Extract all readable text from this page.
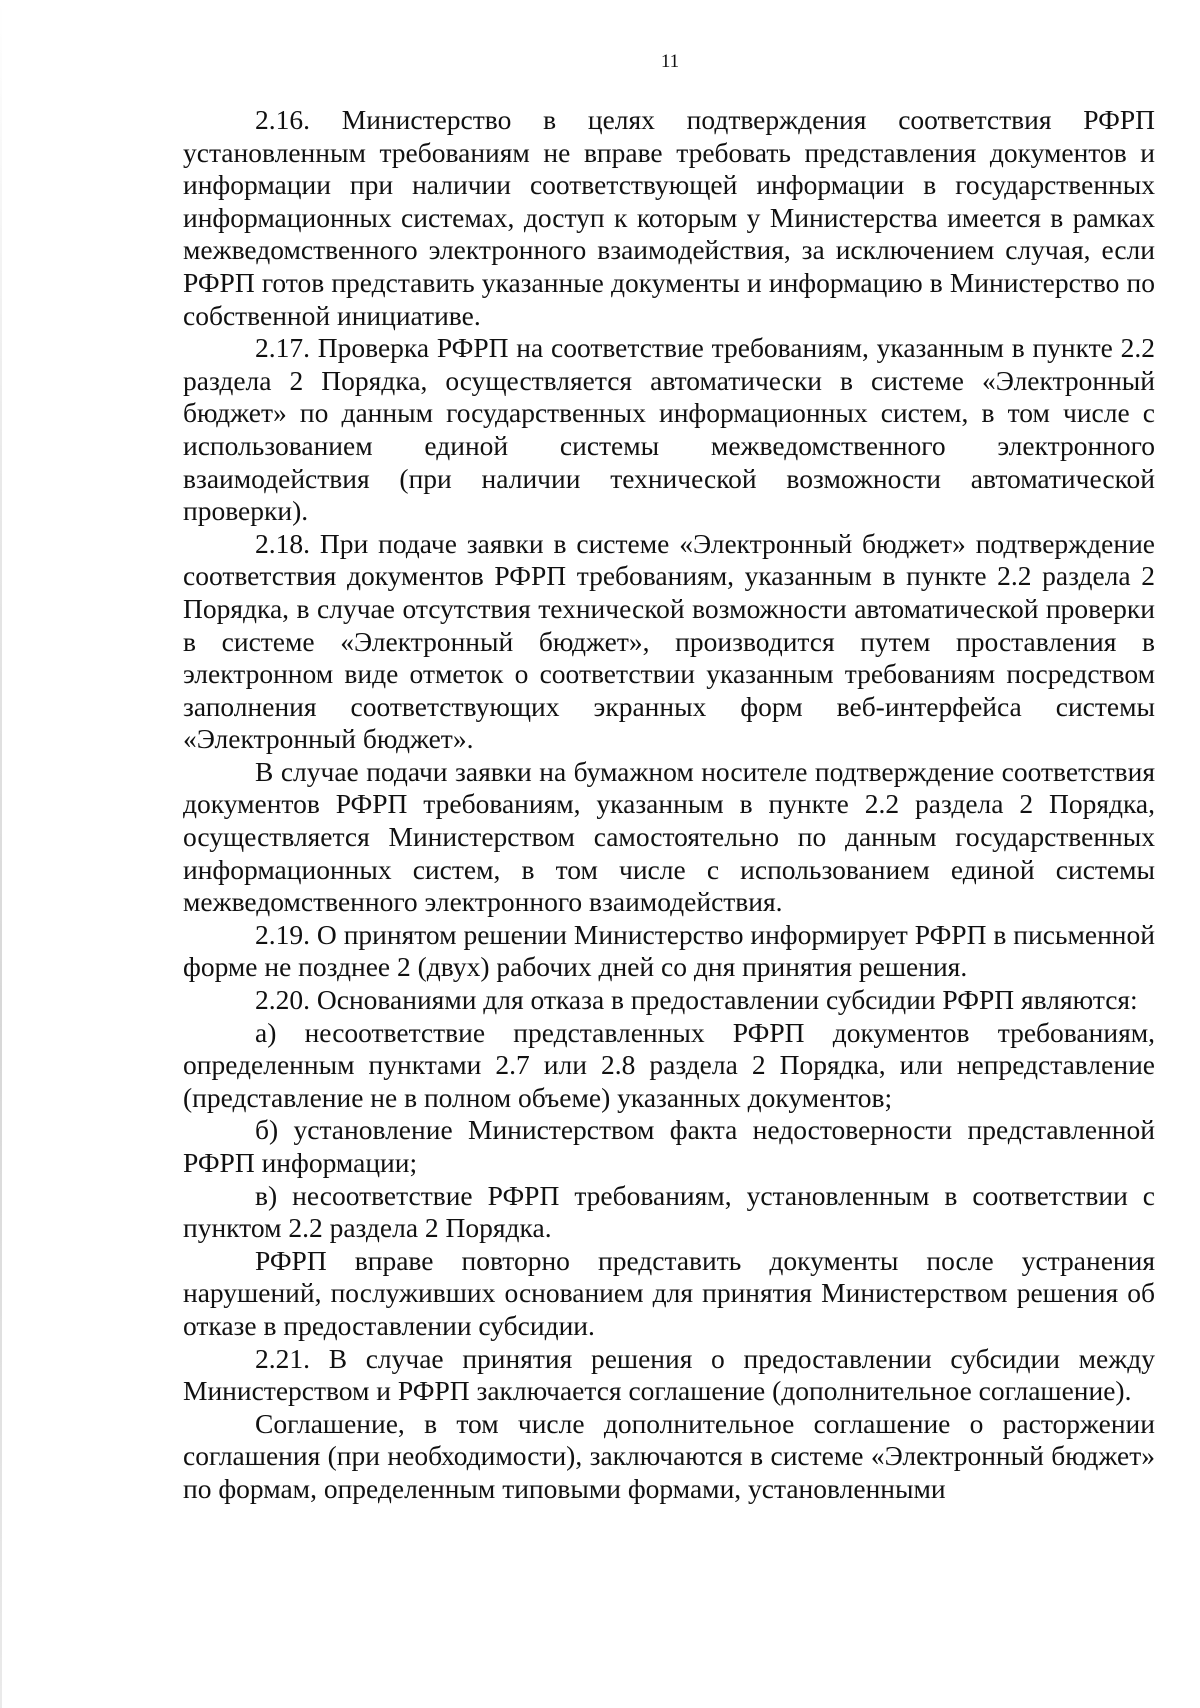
11

2.16. Министерство в целях подтверждения соответствия РФРП установленным требованиям не вправе требовать представления документов и информации при наличии соответствующей информации в государственных информационных системах, доступ к которым у Министерства имеется в рамках межведомственного электронного взаимодействия, за исключением случая, если РФРП готов представить указанные документы и информацию в Министерство по собственной инициативе.

2.17. Проверка РФРП на соответствие требованиям, указанным в пункте 2.2 раздела 2 Порядка, осуществляется автоматически в системе «Электронный бюджет» по данным государственных информационных систем, в том числе с использованием единой системы межведомственного электронного взаимодействия (при наличии технической возможности автоматической проверки).

2.18. При подаче заявки в системе «Электронный бюджет» подтверждение соответствия документов РФРП требованиям, указанным в пункте 2.2 раздела 2 Порядка, в случае отсутствия технической возможности автоматической проверки в системе «Электронный бюджет», производится путем проставления в электронном виде отметок о соответствии указанным требованиям посредством заполнения соответствующих экранных форм веб-интерфейса системы «Электронный бюджет».

В случае подачи заявки на бумажном носителе подтверждение соответствия документов РФРП требованиям, указанным в пункте 2.2 раздела 2 Порядка, осуществляется Министерством самостоятельно по данным государственных информационных систем, в том числе с использованием единой системы межведомственного электронного взаимодействия.

2.19. О принятом решении Министерство информирует РФРП в письменной форме не позднее 2 (двух) рабочих дней со дня принятия решения.

2.20. Основаниями для отказа в предоставлении субсидии РФРП являются:

а) несоответствие представленных РФРП документов требованиям, определенным пунктами 2.7 или 2.8 раздела 2 Порядка, или непредставление (представление не в полном объеме) указанных документов;

б) установление Министерством факта недостоверности представленной РФРП информации;

в) несоответствие РФРП требованиям, установленным в соответствии с пунктом 2.2 раздела 2 Порядка.

РФРП вправе повторно представить документы после устранения нарушений, послуживших основанием для принятия Министерством решения об отказе в предоставлении субсидии.

2.21. В случае принятия решения о предоставлении субсидии между Министерством и РФРП заключается соглашение (дополнительное соглашение).

Соглашение, в том числе дополнительное соглашение о расторжении соглашения (при необходимости), заключаются в системе «Электронный бюджет» по формам, определенным типовыми формами, установленными
